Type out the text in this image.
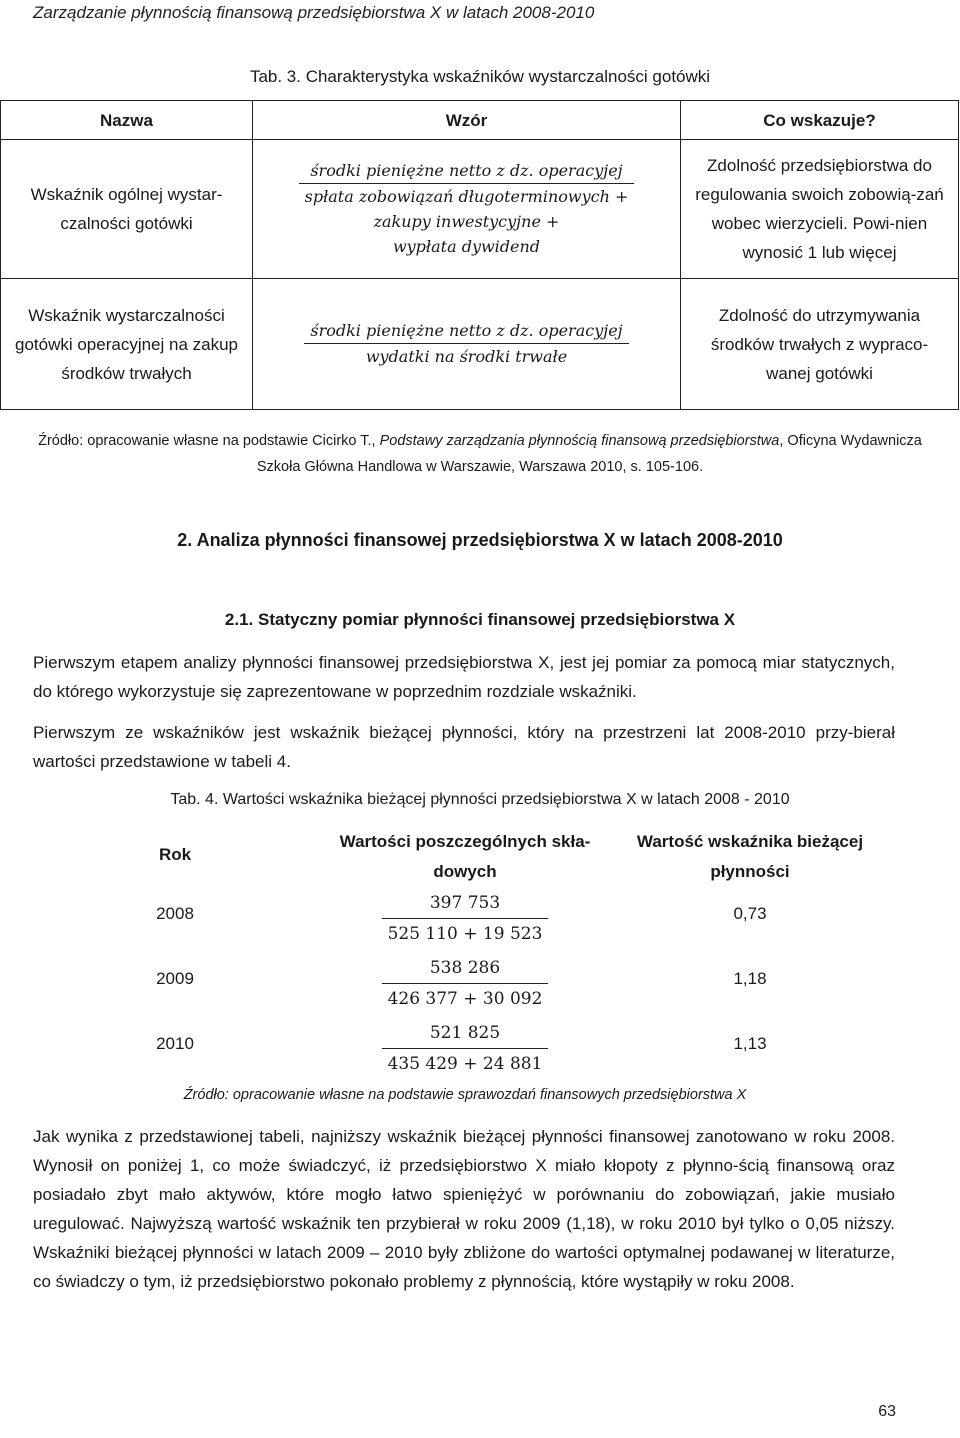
Zarządzanie płynnością finansową przedsiębiorstwa X w latach 2008-2010
Tab. 3. Charakterystyka wskaźników wystarczalności gotówki
Nazwa	Wzór	Co wskazuje?
Wskaźnik ogólnej wystar-czalności gotówki	środki pieniężne netto z dz. operacyjej
spłata zobowiązań długoterminowych +
zakupy inwestycyjne +
wypłata dywidend	Zdolność przedsiębiorstwa do regulowania swoich zobowią-zań wobec wierzycieli. Powi-nien wynosić 1 lub więcej
Wskaźnik wystarczalności gotówki operacyjnej na zakup środków trwałych	$\frac{\text{środki pieniężne netto z dz. operacyjej}}{\text{wydatki na środki trwałe}}$	Zdolność do utrzymywania środków trwałych z wypraco-wanej gotówki
Źródło: opracowanie własne na podstawie Cicirko T., Podstawy zarządzania płynnością finansową przedsiębiorstwa, Oficyna Wydawnicza Szkoła Główna Handlowa w Warszawie, Warszawa 2010, s. 105-106.
2. Analiza płynności finansowej przedsiębiorstwa X w latach 2008-2010
2.1. Statyczny pomiar płynności finansowej przedsiębiorstwa X
Pierwszym etapem analizy płynności finansowej przedsiębiorstwa X, jest jej pomiar za pomocą miar statycznych, do którego wykorzystuje się zaprezentowane w poprzednim rozdziale wskaźniki.
Pierwszym ze wskaźników jest wskaźnik bieżącej płynności, który na przestrzeni lat 2008-2010 przy-bierał wartości przedstawione w tabeli 4.
Tab. 4. Wartości wskaźnika bieżącej płynności przedsiębiorstwa X w latach 2008 - 2010
Rok
Wartości poszczególnych skła-dowych
Wartość wskaźnika bieżącej płynności
2008	$\frac{397 753}{525 110 + 19 523}$	0,73
2009	$\frac{538 286}{426 377 + 30 092}$	1,18
2010	$\frac{521 825}{435 429 + 24 881}$	1,13
Źródło: opracowanie własne na podstawie sprawozdań finansowych przedsiębiorstwa X
Jak wynika z przedstawionej tabeli, najniższy wskaźnik bieżącej płynności finansowej zanotowano w roku 2008. Wynosił on poniżej 1, co może świadczyć, iż przedsiębiorstwo X miało kłopoty z płynno-ścią finansową oraz posiadało zbyt mało aktywów, które mogło łatwo spieniężyć w porównaniu do zobowiązań, jakie musiało uregulować. Najwyższą wartość wskaźnik ten przybierał w roku 2009 (1,18), w roku 2010 był tylko o 0,05 niższy. Wskaźniki bieżącej płynności w latach 2009 – 2010 były zbliżone do wartości optymalnej podawanej w literaturze, co świadczy o tym, iż przedsiębiorstwo pokonało problemy z płynnością, które wystąpiły w roku 2008.
63
